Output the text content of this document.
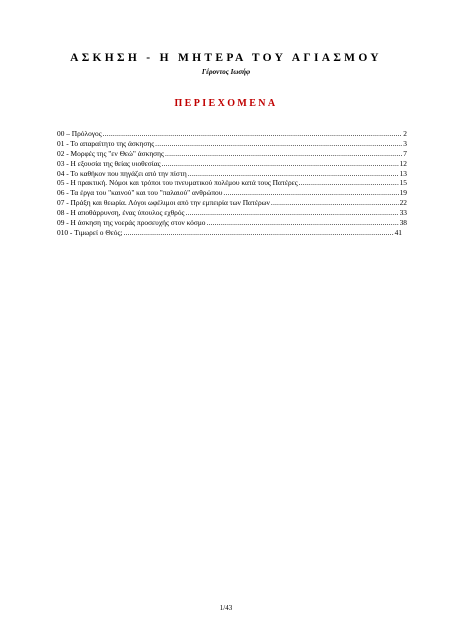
ΑΣΚΗΣΗ - Η ΜΗΤΕΡΑ ΤΟΥ ΑΓΙΑΣΜΟΥ
Γέροντος Ιωσήφ
ΠΕΡΙΕΧΟΜΕΝΑ
00 – Πρόλογος .....	2
01 - Το απαραίτητο της άσκησης .....	3
02 - Μορφές της "εν Θεώ" άσκησης .....	7
03 - Η εξουσία της θείας υιοθεσίας .....	12
04 - Το καθήκον που πηγάζει από την πίστη .....	13
05 - Η πρακτική. Νόμοι και τρόποι του πνευματικού πολέμου κατά τους Πατέρες .....	15
06 - Τα έργα του "καινού" και του "παλαιού" ανθρώπου .....	19
07 - Πράξη και θεωρία. Λόγοι ωφέλιμοι από την εμπειρία των Πατέρων .....	22
08 - Η αποθάρρυνση, ένας ύπουλος εχθρός .....	33
09 - Η άσκηση της νοεράς προσευχής στον κόσμο .....	38
010 - Τιμωρεί ο Θεός; .....	41
1/43
